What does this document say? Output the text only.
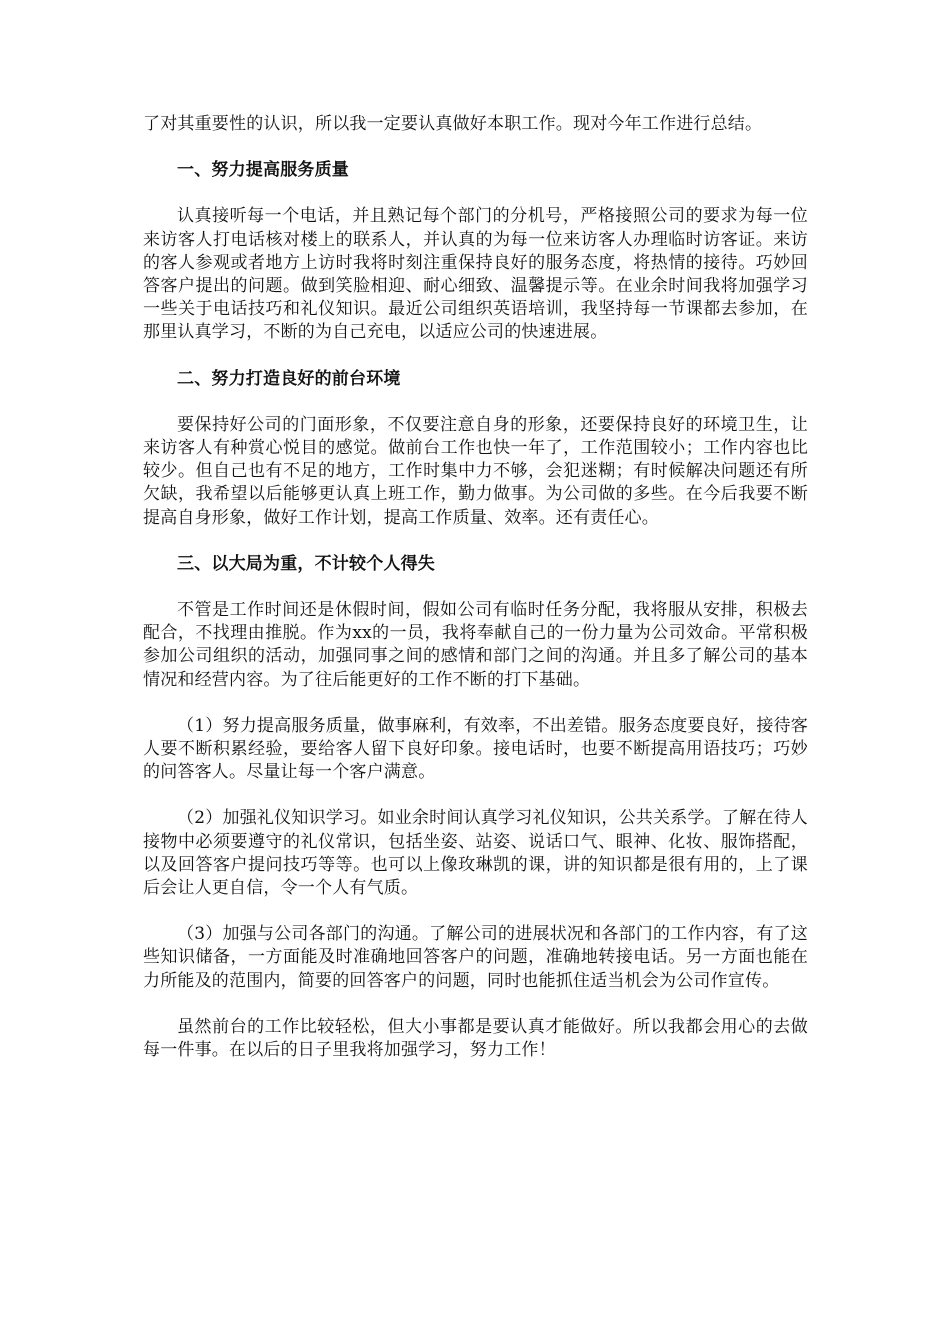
了对其重要性的认识，所以我一定要认真做好本职工作。现对今年工作进行总结。

一、努力提高服务质量

认真接听每一个电话，并且熟记每个部门的分机号，严格接照公司的要求为每一位来访客人打电话核对楼上的联系人，并认真的为每一位来访客人办理临时访客证。来访的客人参观或者地方上访时我将时刻注重保持良好的服务态度，将热情的接待。巧妙回答客户提出的问题。做到笑脸相迎、耐心细致、温馨提示等。在业余时间我将加强学习一些关于电话技巧和礼仪知识。最近公司组织英语培训，我坚持每一节课都去参加，在那里认真学习，不断的为自己充电，以适应公司的快速进展。

二、努力打造良好的前台环境

要保持好公司的门面形象，不仅要注意自身的形象，还要保持良好的环境卫生，让来访客人有种赏心悦目的感觉。做前台工作也快一年了，工作范围较小；工作内容也比较少。但自己也有不足的地方，工作时集中力不够，会犯迷糊；有时候解决问题还有所欠缺，我希望以后能够更认真上班工作，勤力做事。为公司做的多些。在今后我要不断提高自身形象，做好工作计划，提高工作质量、效率。还有责任心。

三、以大局为重，不计较个人得失

不管是工作时间还是休假时间，假如公司有临时任务分配，我将服从安排，积极去配合，不找理由推脱。作为xx的一员，我将奉献自己的一份力量为公司效命。平常积极参加公司组织的活动，加强同事之间的感情和部门之间的沟通。并且多了解公司的基本情况和经营内容。为了往后能更好的工作不断的打下基础。

（1）努力提高服务质量，做事麻利，有效率，不出差错。服务态度要良好，接待客人要不断积累经验，要给客人留下良好印象。接电话时，也要不断提高用语技巧；巧妙的问答客人。尽量让每一个客户满意。

（2）加强礼仪知识学习。如业余时间认真学习礼仪知识，公共关系学。了解在待人接物中必须要遵守的礼仪常识，包括坐姿、站姿、说话口气、眼神、化妆、服饰搭配，以及回答客户提问技巧等等。也可以上像玫琳凯的课，讲的知识都是很有用的，上了课后会让人更自信，令一个人有气质。

（3）加强与公司各部门的沟通。了解公司的进展状况和各部门的工作内容，有了这些知识储备，一方面能及时准确地回答客户的问题，准确地转接电话。另一方面也能在力所能及的范围内，简要的回答客户的问题，同时也能抓住适当机会为公司作宣传。

虽然前台的工作比较轻松，但大小事都是要认真才能做好。所以我都会用心的去做每一件事。在以后的日子里我将加强学习，努力工作！
